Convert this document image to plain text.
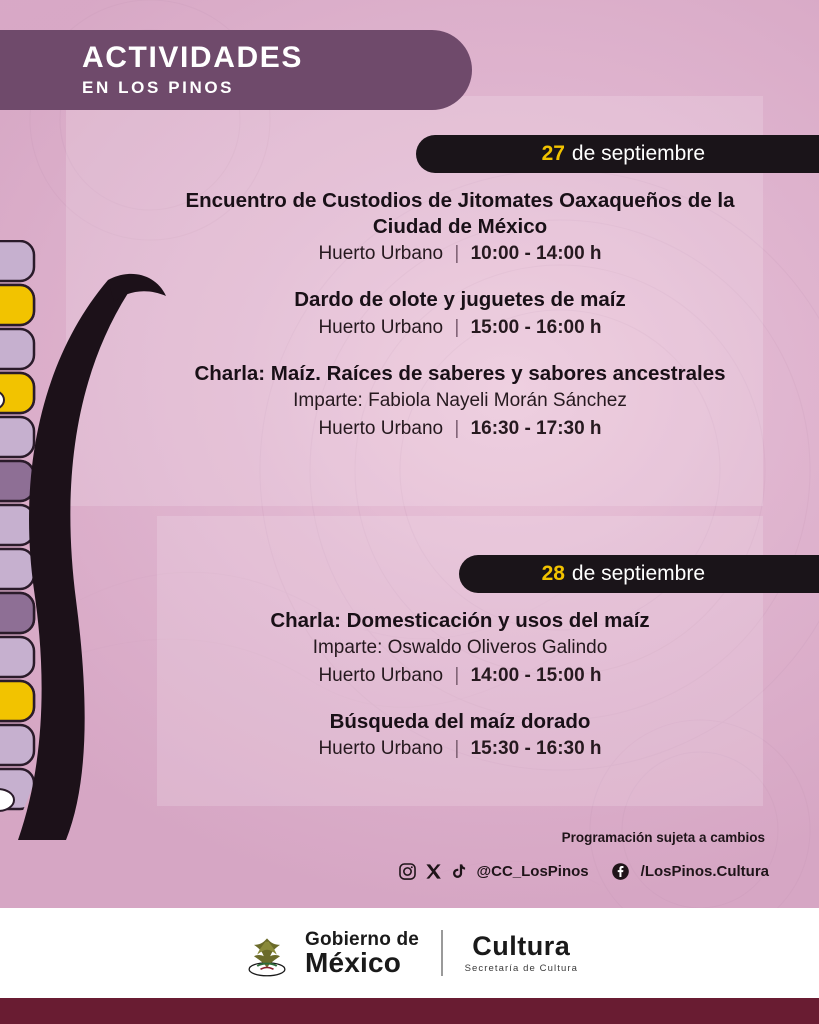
ACTIVIDADES
EN LOS PINOS
27 de septiembre
Encuentro de Custodios de Jitomates Oaxaqueños de la Ciudad de México
Huerto Urbano | 10:00 - 14:00 h
Dardo de olote y juguetes de maíz
Huerto Urbano | 15:00 - 16:00 h
Charla: Maíz. Raíces de saberes y sabores ancestrales
Imparte: Fabiola Nayeli Morán Sánchez
Huerto Urbano | 16:30 - 17:30 h
28 de septiembre
Charla: Domesticación y usos del maíz
Imparte: Oswaldo Oliveros Galindo
Huerto Urbano | 14:00 - 15:00 h
Búsqueda del maíz dorado
Huerto Urbano | 15:30 - 16:30 h
Programación sujeta a cambios
@CC_LosPinos	/LosPinos.Cultura
Gobierno de
México
Cultura
Secretaría de Cultura
